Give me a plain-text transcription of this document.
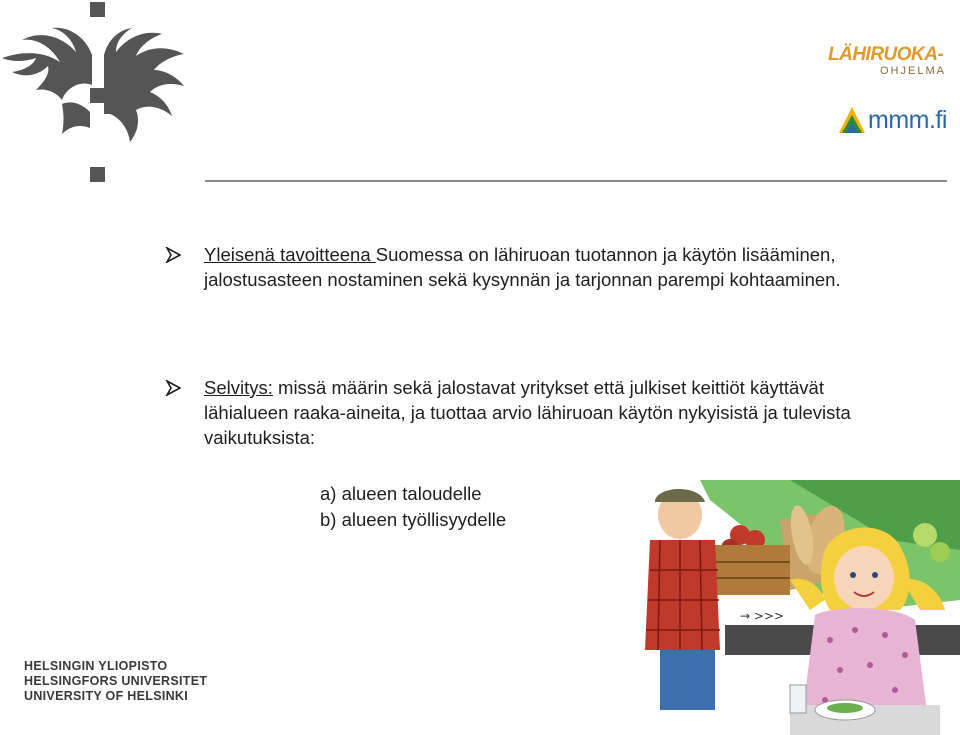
LÄHIRUOKA-
OHJELMA
mmm.fi
Yleisenä tavoitteena Suomessa on lähiruoan tuotannon ja käytön lisääminen, jalostusasteen nostaminen sekä kysynnän ja tarjonnan parempi kohtaaminen.
Selvitys: missä määrin sekä jalostavat yritykset että julkiset keittiöt käyttävät lähialueen raaka-aineita, ja tuottaa arvio lähiruoan käytön nykyisistä ja tulevista vaikutuksista:
a) alueen taloudelle
b) alueen työllisyydelle
HELSINGIN YLIOPISTO
HELSINGFORS UNIVERSITET
UNIVERSITY OF HELSINKI
→ >>>
